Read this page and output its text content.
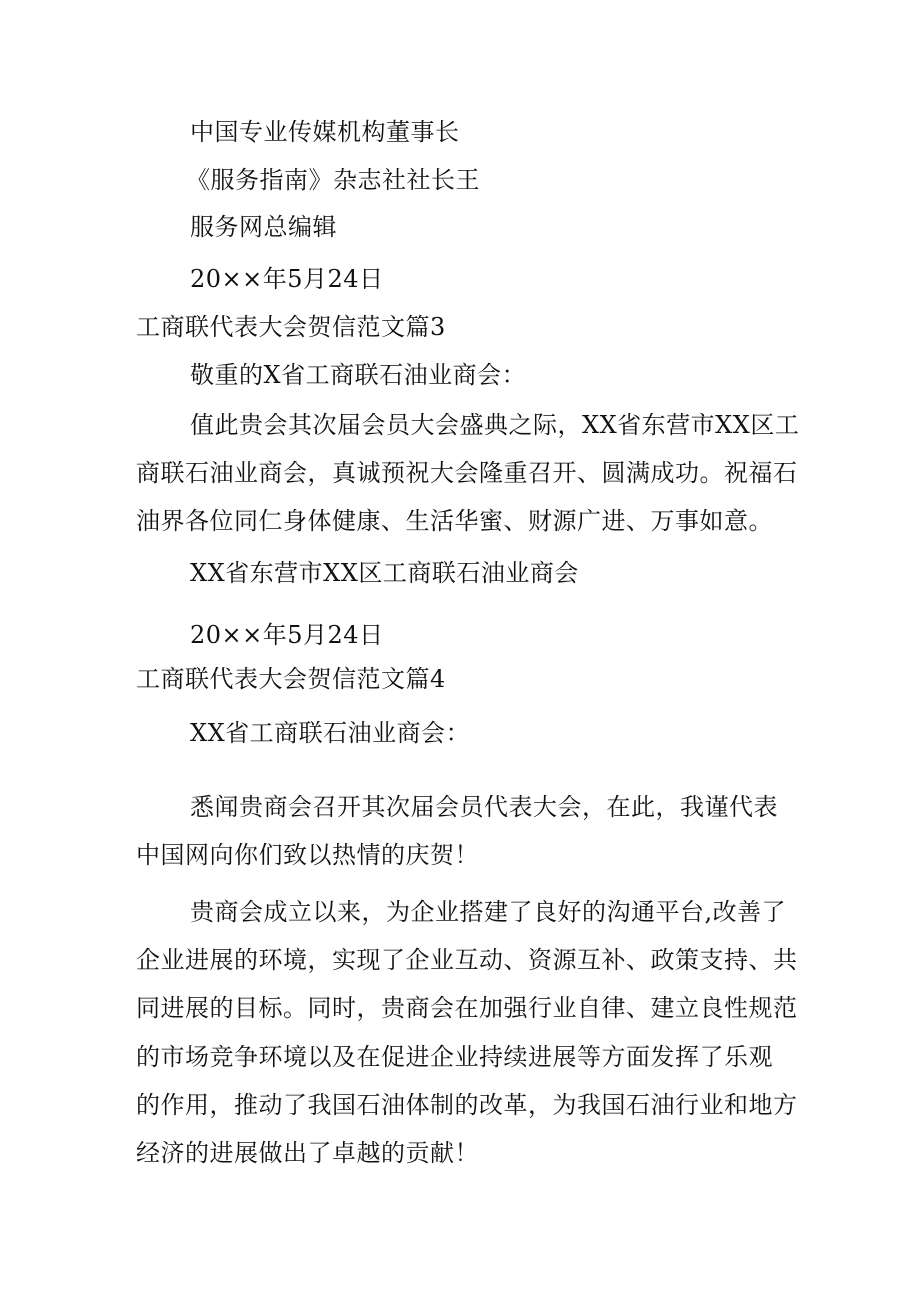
中国专业传媒机构董事长

《服务指南》杂志社社长王

服务网总编辑

20××年5月24日

工商联代表大会贺信范文篇3

敬重的X省工商联石油业商会：

值此贵会其次届会员大会盛典之际，XX省东营市XX区工

商联石油业商会，真诚预祝大会隆重召开、圆满成功。祝福石

油界各位同仁身体健康、生活华蜜、财源广进、万事如意。

XX省东营市XX区工商联石油业商会

20××年5月24日

工商联代表大会贺信范文篇4

XX省工商联石油业商会：

悉闻贵商会召开其次届会员代表大会，在此，我谨代表

中国网向你们致以热情的庆贺！

贵商会成立以来，为企业搭建了良好的沟通平台,改善了

企业进展的环境，实现了企业互动、资源互补、政策支持、共

同进展的目标。同时，贵商会在加强行业自律、建立良性规范

的市场竞争环境以及在促进企业持续进展等方面发挥了乐观

的作用，推动了我国石油体制的改革，为我国石油行业和地方

经济的进展做出了卓越的贡献！
